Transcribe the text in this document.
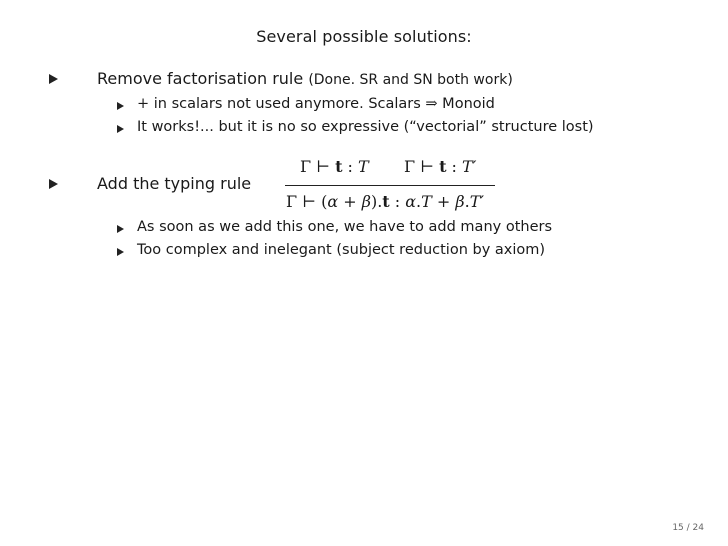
Several possible solutions:
Remove factorisation rule (Done. SR and SN both work)
+ in scalars not used anymore. Scalars ⇒ Monoid
It works!... but it is no so expressive (“vectorial” structure lost)
Γ ⊢ t : T Γ ⊢ t : T′
Add the typing rule
Γ ⊢ (α + β).t : α.T + β.T′
As soon as we add this one, we have to add many others
Too complex and inelegant (subject reduction by axiom)
15 / 24
